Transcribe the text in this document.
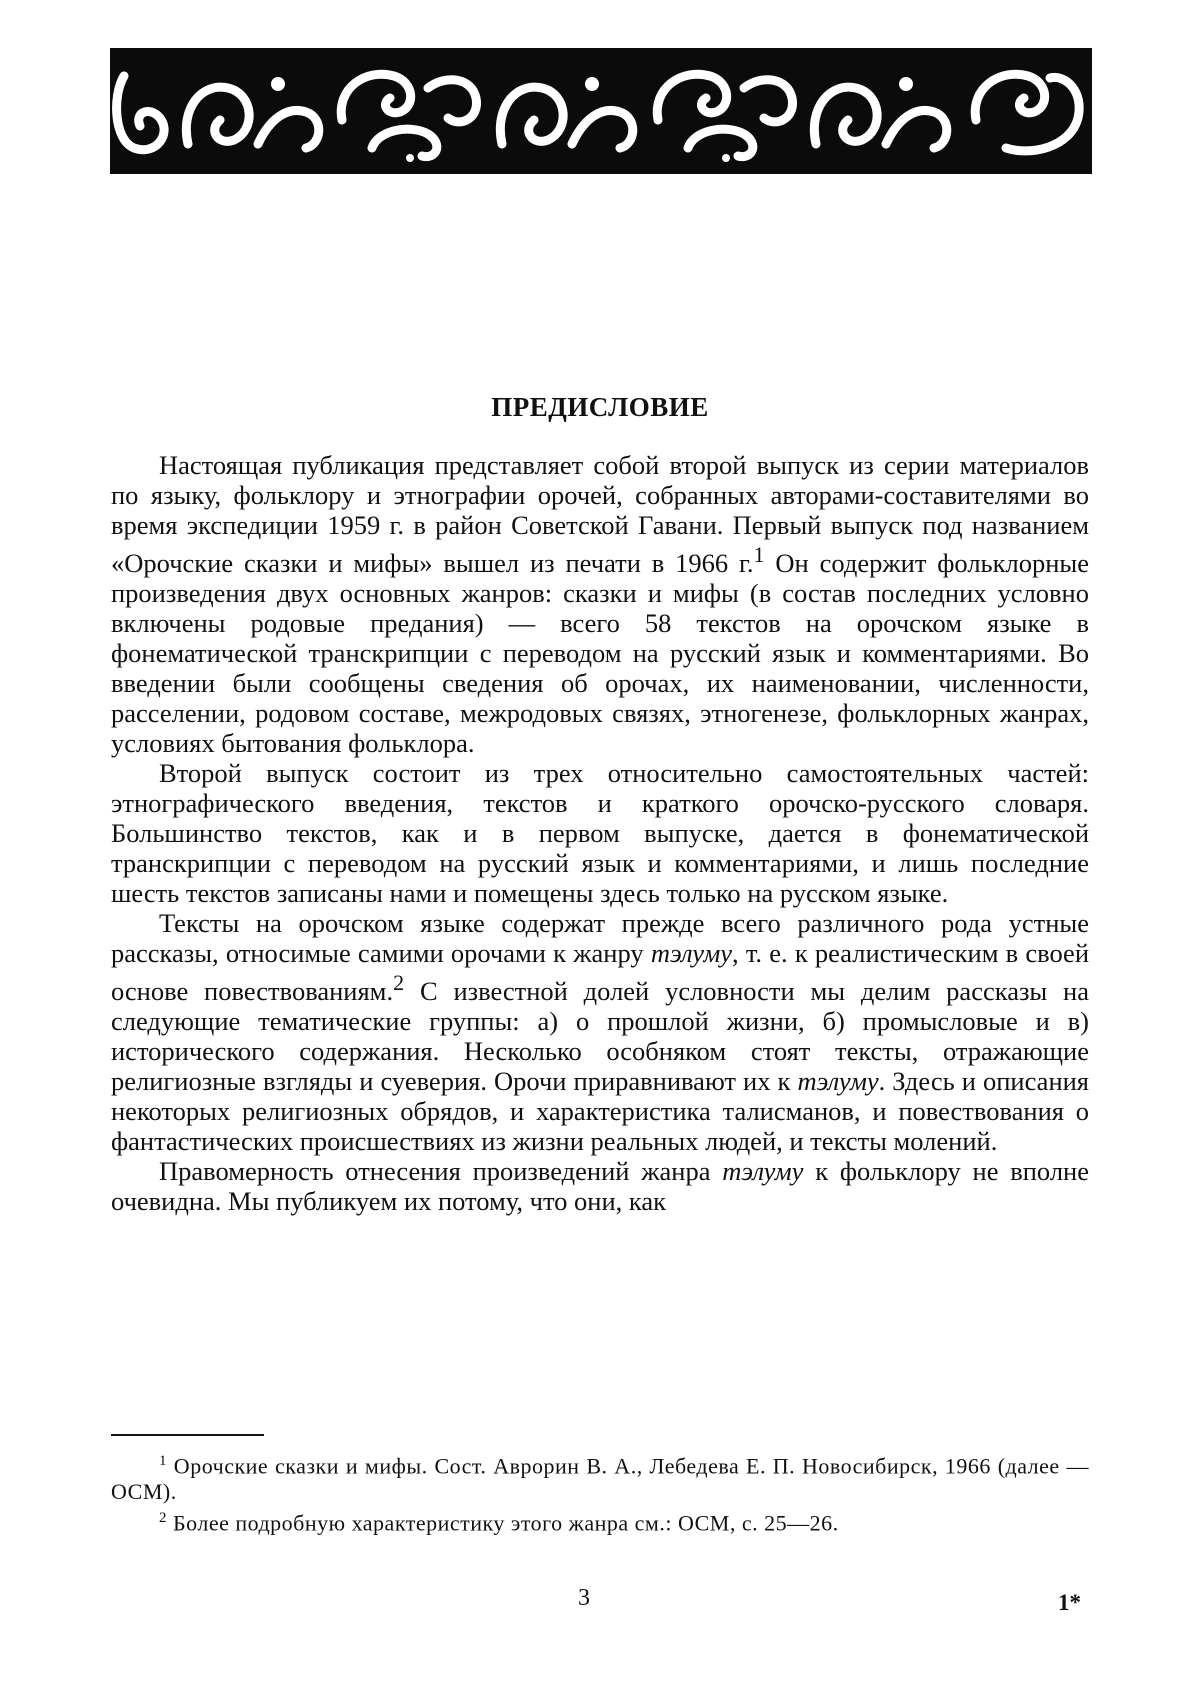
ПРЕДИСЛОВИЕ

Настоящая публикация представляет собой второй выпуск из серии материалов по языку, фольклору и этнографии орочей, собранных авторами-составителями во время экспедиции 1959 г. в район Советской Гавани. Первый выпуск под названием «Орочские сказки и мифы» вышел из печати в 1966 г.$^1$ Он содержит фольклорные произведения двух основных жанров: сказки и мифы (в состав последних условно включены родовые предания) — всего 58 текстов на орочском языке в фонематической транскрипции с переводом на русский язык и комментариями. Во введении были сообщены сведения об орочах, их наименовании, численности, расселении, родовом составе, межродовых связях, этногенезе, фольклорных жанрах, условиях бытования фольклора.

Второй выпуск состоит из трех относительно самостоятельных частей: этнографического введения, текстов и краткого орочско-русского словаря. Большинство текстов, как и в первом выпуске, дается в фонематической транскрипции с переводом на русский язык и комментариями, и лишь последние шесть текстов записаны нами и помещены здесь только на русском языке.

Тексты на орочском языке содержат прежде всего различного рода устные рассказы, относимые самими орочами к жанру тэлуму, т. е. к реалистическим в своей основе повествованиям.$^2$ С известной долей условности мы делим рассказы на следующие тематические группы: а) о прошлой жизни, б) промысловые и в) исторического содержания. Несколько особняком стоят тексты, отражающие религиозные взгляды и суеверия. Орочи приравнивают их к тэлуму. Здесь и описания некоторых религиозных обрядов, и характеристика талисманов, и повествования о фантастических происшествиях из жизни реальных людей, и тексты молений.

Правомерность отнесения произведений жанра тэлуму к фольклору не вполне очевидна. Мы публикуем их потому, что они, как

$^1$ Орочские сказки и мифы. Сост. Аврорин В. А., Лебедева Е. П. Новосибирск, 1966 (далее — ОСМ).

$^2$ Более подробную характеристику этого жанра см.: ОСМ, с. 25—26.

3	1*
